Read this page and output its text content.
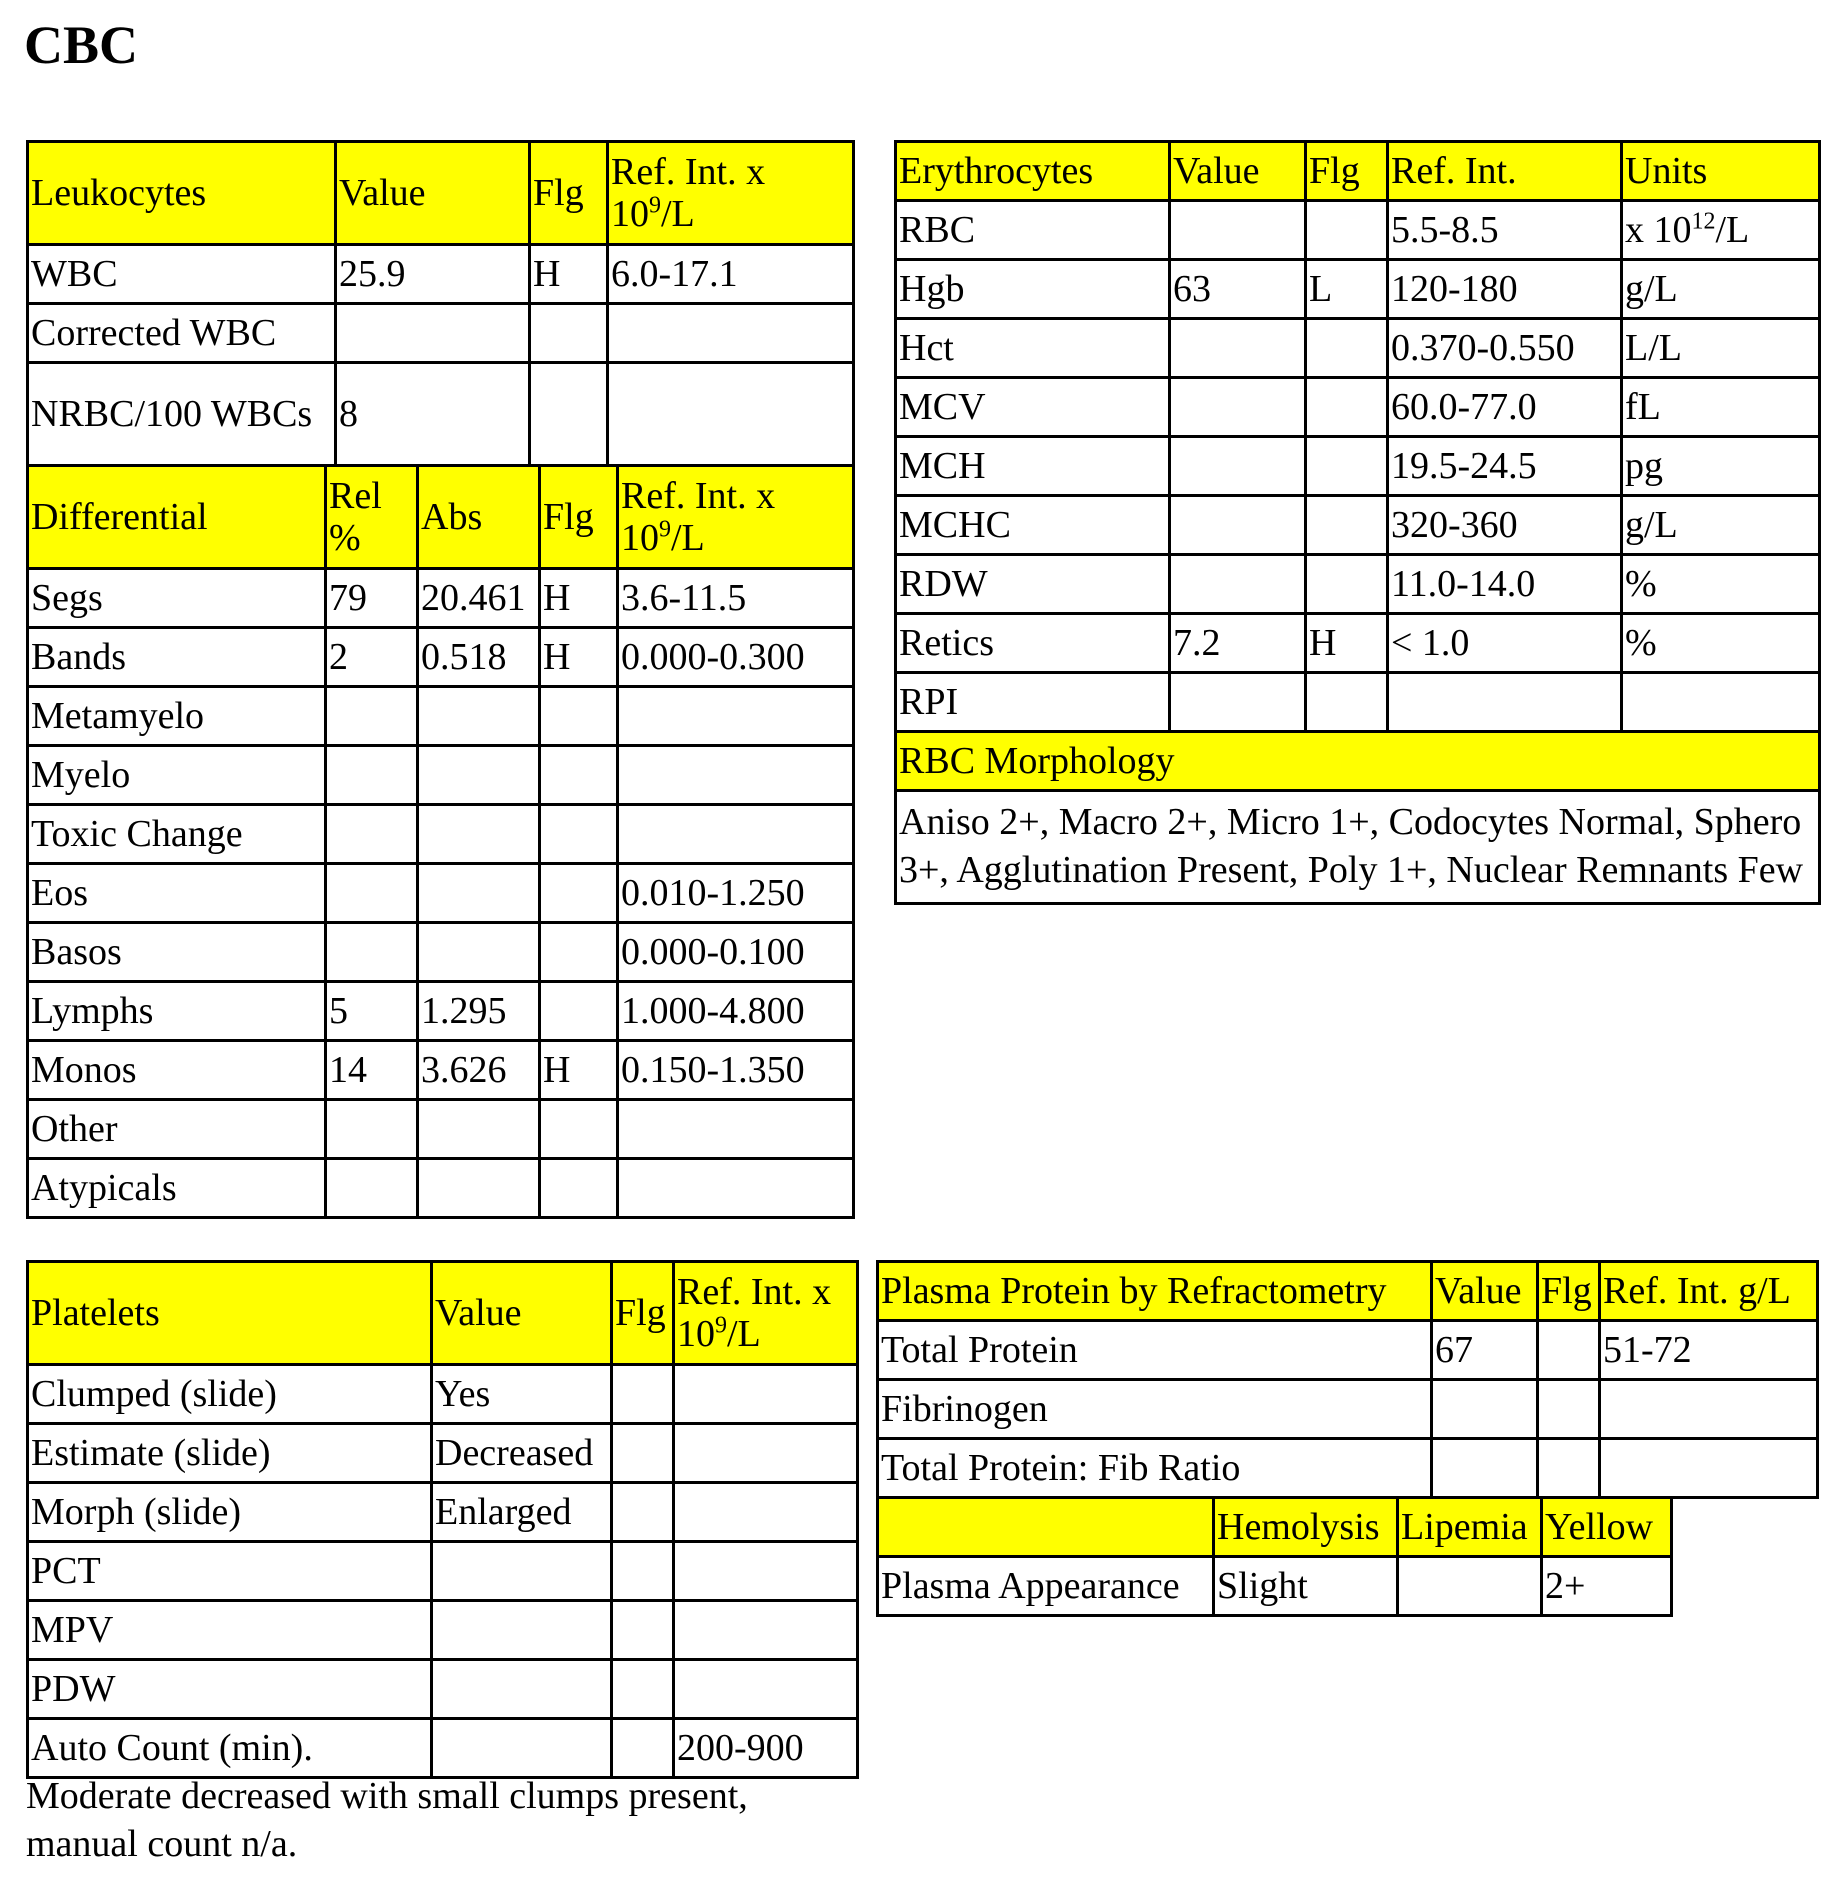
CBC
Leukocytes	Value	Flg	Ref. Int. x $10^9/L$
WBC	25.9	H	6.0-17.1
Corrected WBC			
NRBC/100 WBCs	8		
Differential	Rel %	Abs	Flg	Ref. Int. x $10^9/L$
Segs	79	20.461	H	3.6-11.5
Bands	2	0.518	H	0.000-0.300
Metamyelo				
Myelo				
Toxic Change				
Eos				0.010-1.250
Basos				0.000-0.100
Lymphs	5	1.295		1.000-4.800
Monos	14	3.626	H	0.150-1.350
Other				
Atypicals				
Erythrocytes	Value	Flg	Ref. Int.	Units
RBC			5.5-8.5	x $10^{12}/L$
Hgb	63	L	120-180	g/L
Hct			0.370-0.550	L/L
MCV			60.0-77.0	fL
MCH			19.5-24.5	pg
MCHC			320-360	g/L
RDW			11.0-14.0	%
Retics	7.2	H	< 1.0	%
RPI				
RBC Morphology				
Aniso 2+, Macro 2+, Micro 1+, Codocytes Normal, Sphero 3+, Agglutination Present, Poly 1+, Nuclear Remnants Few				
Platelets	Value	Flg	Ref. Int. x $10^9/L$
Clumped (slide)	Yes		
Estimate (slide)	Decreased		
Morph (slide)	Enlarged		
PCT			
MPV			
PDW			
Auto Count (min).			200-900
Moderate decreased with small clumps present, manual count n/a.
Plasma Protein by Refractometry	Value	Flg	Ref. Int. g/L
Total Protein	67		51-72
Fibrinogen			
Total Protein: Fib Ratio			
	Hemolysis	Lipemia	Yellow
Plasma Appearance	Slight		2+
